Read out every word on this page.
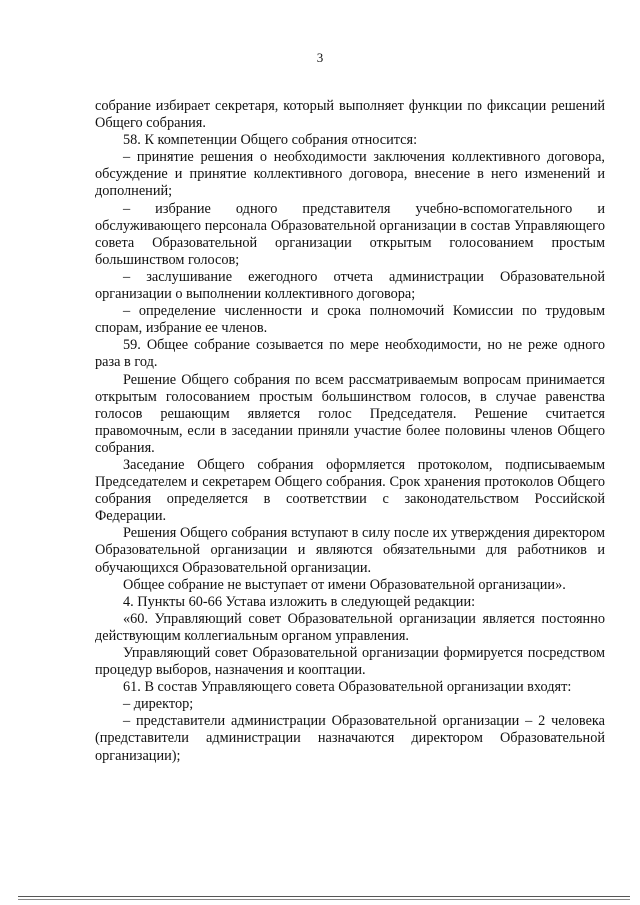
3

собрание избирает секретаря, который выполняет функции по фиксации решений Общего собрания.

58. К компетенции Общего собрания относится:

– принятие решения о необходимости заключения коллективного договора, обсуждение и принятие коллективного договора, внесение в него изменений и дополнений;

– избрание одного представителя учебно-вспомогательного и обслуживающего персонала Образовательной организации в состав Управляющего совета Образовательной организации открытым голосованием простым большинством голосов;

– заслушивание ежегодного отчета администрации Образовательной организации о выполнении коллективного договора;

– определение численности и срока полномочий Комиссии по трудовым спорам, избрание ее членов.

59. Общее собрание созывается по мере необходимости, но не реже одного раза в год.

Решение Общего собрания по всем рассматриваемым вопросам принимается открытым голосованием простым большинством голосов, в случае равенства голосов решающим является голос Председателя. Решение считается правомочным, если в заседании приняли участие более половины членов Общего собрания.

Заседание Общего собрания оформляется протоколом, подписываемым Председателем и секретарем Общего собрания. Срок хранения протоколов Общего собрания определяется в соответствии с законодательством Российской Федерации.

Решения Общего собрания вступают в силу после их утверждения директором Образовательной организации и являются обязательными для работников и обучающихся Образовательной организации.

Общее собрание не выступает от имени Образовательной организации».

4. Пункты 60-66 Устава изложить в следующей редакции:

«60. Управляющий совет Образовательной организации является постоянно действующим коллегиальным органом управления.

Управляющий совет Образовательной организации формируется посредством процедур выборов, назначения и кооптации.

61. В состав Управляющего совета Образовательной организации входят:

– директор;

– представители администрации Образовательной организации – 2 человека (представители администрации назначаются директором Образовательной организации);
